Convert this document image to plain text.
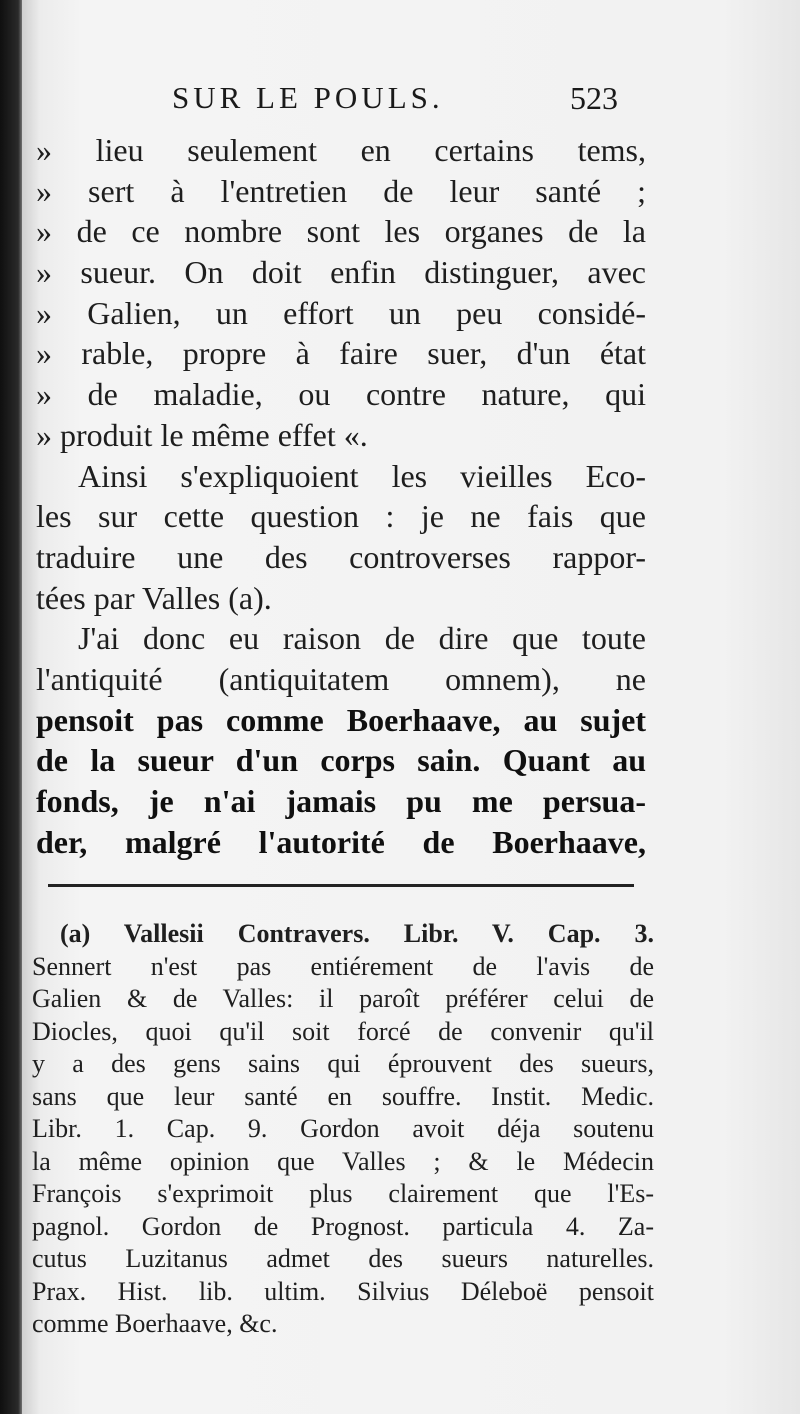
SUR LE POULS.	523
» lieu seulement en certains tems,
» sert à l'entretien de leur santé ;
» de ce nombre sont les organes de la
» sueur. On doit enfin distinguer, avec
» Galien, un effort un peu considé-
» rable, propre à faire suer, d'un état
» de maladie, ou contre nature, qui
» produit le même effet «.
Ainsi s'expliquoient les vieilles Eco-
les sur cette question : je ne fais que
traduire une des controverses rappor-
tées par Valles (a).
J'ai donc eu raison de dire que toute
l'antiquité (antiquitatem omnem), ne
pensoit pas comme Boerhaave, au sujet
de la sueur d'un corps sain. Quant au
fonds, je n'ai jamais pu me persua-
der, malgré l'autorité de Boerhaave,
(a) Vallesii Contravers. Libr. V. Cap. 3.
Sennert n'est pas entiérement de l'avis de
Galien & de Valles: il paroît préférer celui de
Diocles, quoi qu'il soit forcé de convenir qu'il
y a des gens sains qui éprouvent des sueurs,
sans que leur santé en souffre. Instit. Medic.
Libr. 1. Cap. 9. Gordon avoit déja soutenu
la même opinion que Valles ; & le Médecin
François s'exprimoit plus clairement que l'Es-
pagnol. Gordon de Prognost. particula 4. Za-
cutus Luzitanus admet des sueurs naturelles.
Prax. Hist. lib. ultim. Silvius Déleboë pensoit
comme Boerhaave, &c.
